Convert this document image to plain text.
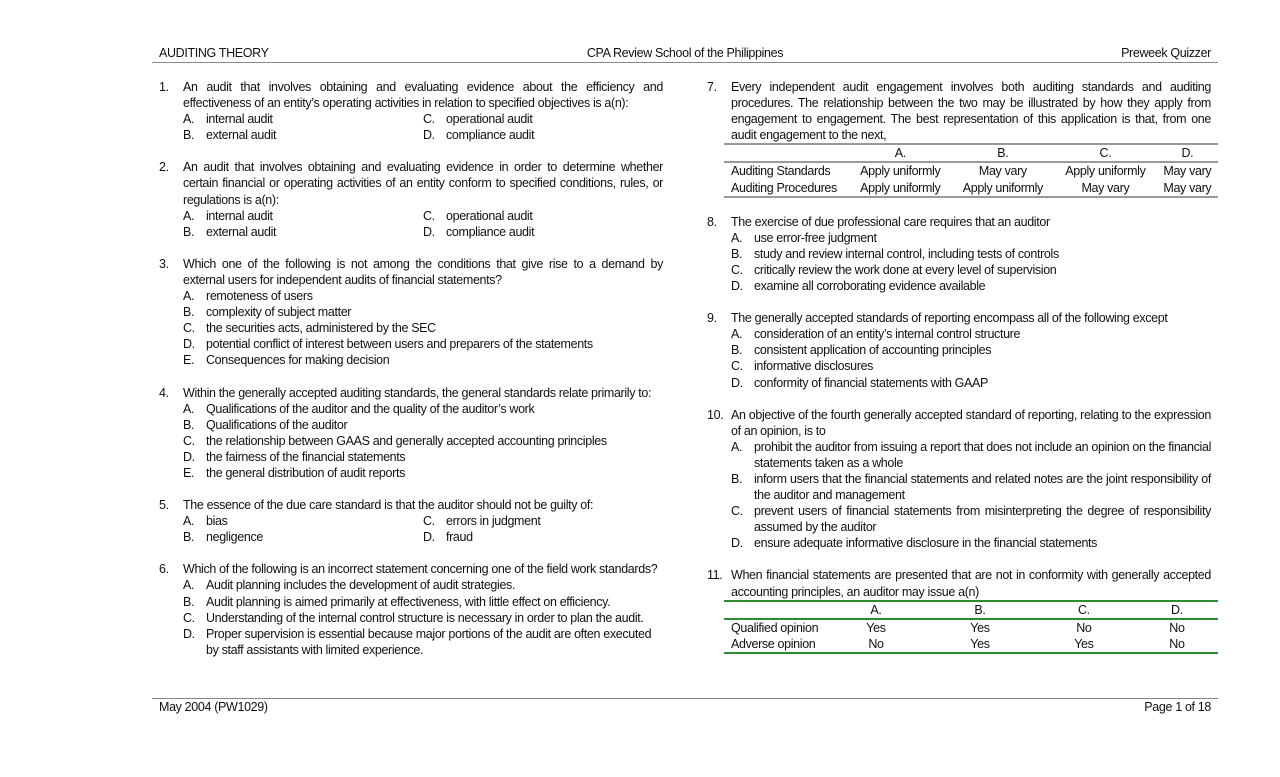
AUDITING THEORY	CPA Review School of the Philippines	Preweek Quizzer
1.	An audit that involves obtaining and evaluating evidence about the efficiency and effectiveness of an entity’s operating activities in relation to specified objectives is a(n):
A. internal audit	C. operational audit
B. external audit	D. compliance audit
2.	An audit that involves obtaining and evaluating evidence in order to determine whether certain financial or operating activities of an entity conform to specified conditions, rules, or regulations is a(n):
A. internal audit	C. operational audit
B. external audit	D. compliance audit
3.	Which one of the following is not among the conditions that give rise to a demand by external users for independent audits of financial statements?
A. remoteness of users
B. complexity of subject matter
C. the securities acts, administered by the SEC
D. potential conflict of interest between users and preparers of the statements
E. Consequences for making decision
4.	Within the generally accepted auditing standards, the general standards relate primarily to:
A. Qualifications of the auditor and the quality of the auditor’s work
B. Qualifications of the auditor
C. the relationship between GAAS and generally accepted accounting principles
D. the fairness of the financial statements
E. the general distribution of audit reports
5.	The essence of the due care standard is that the auditor should not be guilty of:
A. bias	C. errors in judgment
B. negligence	D. fraud
6.	Which of the following is an incorrect statement concerning one of the field work standards?
A. Audit planning includes the development of audit strategies.
B. Audit planning is aimed primarily at effectiveness, with little effect on efficiency.
C. Understanding of the internal control structure is necessary in order to plan the audit.
D. Proper supervision is essential because major portions of the audit are often executed by staff assistants with limited experience.
7.	Every independent audit engagement involves both auditing standards and auditing procedures. The relationship between the two may be illustrated by how they apply from engagement to engagement. The best representation of this application is that, from one audit engagement to the next,
	A.	B.	C.	D.
Auditing Standards	Apply uniformly	May vary	Apply uniformly	May vary
Auditing Procedures	Apply uniformly	Apply uniformly	May vary	May vary
8.	The exercise of due professional care requires that an auditor
A. use error-free judgment
B. study and review internal control, including tests of controls
C. critically review the work done at every level of supervision
D. examine all corroborating evidence available
9.	The generally accepted standards of reporting encompass all of the following except
A. consideration of an entity’s internal control structure
B. consistent application of accounting principles
C. informative disclosures
D. conformity of financial statements with GAAP
10. An objective of the fourth generally accepted standard of reporting, relating to the expression of an opinion, is to
A. prohibit the auditor from issuing a report that does not include an opinion on the financial statements taken as a whole
B. inform users that the financial statements and related notes are the joint responsibility of the auditor and management
C. prevent users of financial statements from misinterpreting the degree of responsibility assumed by the auditor
D. ensure adequate informative disclosure in the financial statements
11. When financial statements are presented that are not in conformity with generally accepted accounting principles, an auditor may issue a(n)
	A.	B.	C.	D.
Qualified opinion	Yes	Yes	No	No
Adverse opinion	No	Yes	Yes	No
May 2004 (PW1029)	Page 1 of 18
